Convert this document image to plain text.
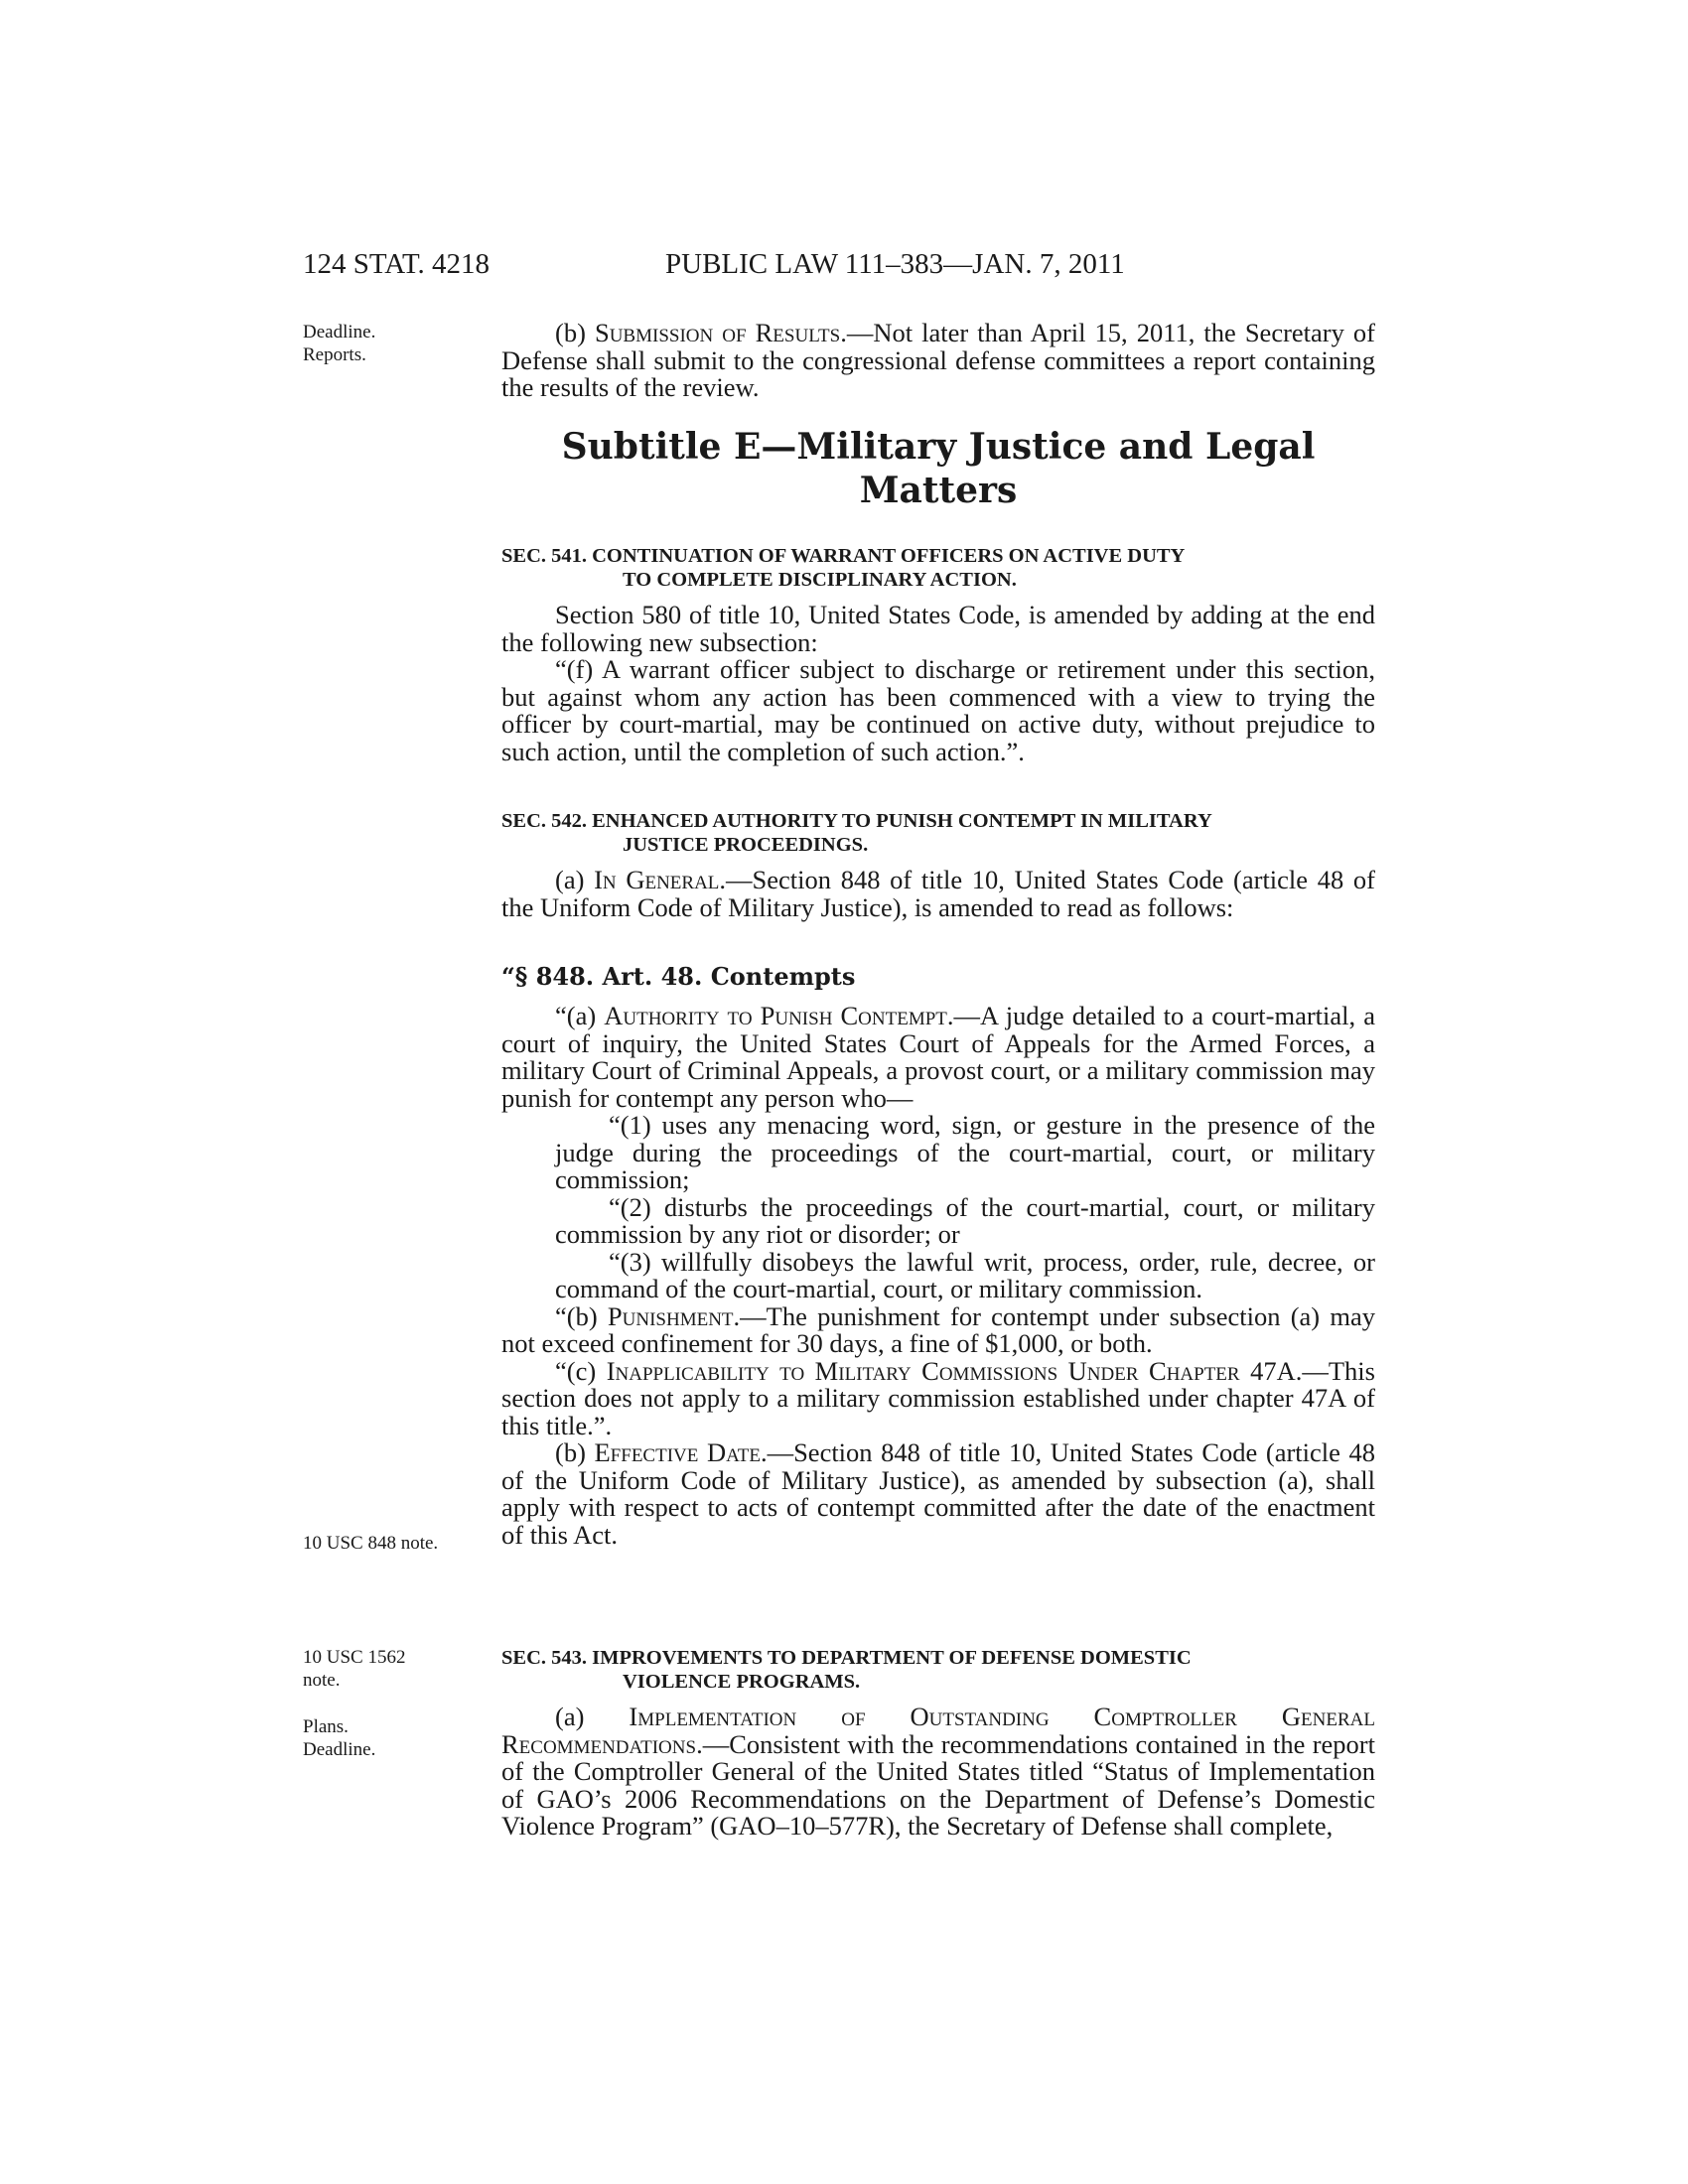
124 STAT. 4218	PUBLIC LAW 111–383—JAN. 7, 2011
Deadline.
Reports.
10 USC 848 note.
10 USC 1562
note.
Plans.
Deadline.

(b) Submission of Results.—Not later than April 15, 2011, the Secretary of Defense shall submit to the congressional defense committees a report containing the results of the review.

Subtitle E—Military Justice and Legal
Matters
SEC. 541. CONTINUATION OF WARRANT OFFICERS ON ACTIVE DUTY
TO COMPLETE DISCIPLINARY ACTION.

Section 580 of title 10, United States Code, is amended by adding at the end the following new subsection:

“(f) A warrant officer subject to discharge or retirement under this section, but against whom any action has been commenced with a view to trying the officer by court-martial, may be continued on active duty, without prejudice to such action, until the completion of such action.”.

SEC. 542. ENHANCED AUTHORITY TO PUNISH CONTEMPT IN MILITARY
JUSTICE PROCEEDINGS.

(a) In General.—Section 848 of title 10, United States Code (article 48 of the Uniform Code of Military Justice), is amended to read as follows:

“§ 848. Art. 48. Contempts

“(a) Authority to Punish Contempt.—A judge detailed to a court-martial, a court of inquiry, the United States Court of Appeals for the Armed Forces, a military Court of Criminal Appeals, a provost court, or a military commission may punish for contempt any person who—

“(1) uses any menacing word, sign, or gesture in the presence of the judge during the proceedings of the court-martial, court, or military commission;

“(2) disturbs the proceedings of the court-martial, court, or military commission by any riot or disorder; or

“(3) willfully disobeys the lawful writ, process, order, rule, decree, or command of the court-martial, court, or military commission.

“(b) Punishment.—The punishment for contempt under subsection (a) may not exceed confinement for 30 days, a fine of $1,000, or both.

“(c) Inapplicability to Military Commissions Under Chapter 47A.—This section does not apply to a military commission established under chapter 47A of this title.”.

(b) Effective Date.—Section 848 of title 10, United States Code (article 48 of the Uniform Code of Military Justice), as amended by subsection (a), shall apply with respect to acts of contempt committed after the date of the enactment of this Act.

SEC. 543. IMPROVEMENTS TO DEPARTMENT OF DEFENSE DOMESTIC
VIOLENCE PROGRAMS.

(a) Implementation of Outstanding Comptroller General Recommendations.—Consistent with the recommendations contained in the report of the Comptroller General of the United States titled “Status of Implementation of GAO’s 2006 Recommendations on the Department of Defense’s Domestic Violence Program” (GAO–10–577R), the Secretary of Defense shall complete,
